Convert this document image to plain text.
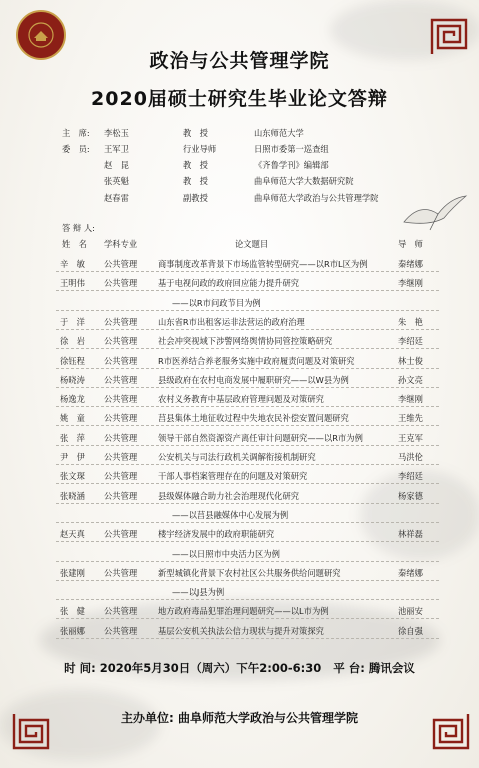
政治与公共管理学院
2020届硕士研究生毕业论文答辩
主　席: 李松玉	教　授	山东师范大学
委　员: 王军卫	行业导师	日照市委第一巡查组
赵　昆	教　授	《齐鲁学刊》编辑部
张英魁	教　授	曲阜师范大学大数据研究院
赵春雷	副教授	曲阜师范大学政治与公共管理学院
答 辩 人:
姓　名 学科专业	论文题目	导　师
辛　敏 公共管理	商事制度改革背景下市场监管转型研究——以R市L区为例	秦绪娜
王明伟 公共管理	基于电视问政的政府回应能力提升研究	李继刚
——以R市问政节目为例
于　洋 公共管理	山东省R市出租客运非法营运的政府治理	朱　艳
徐　岩 公共管理	社会冲突视域下涉警网络舆情协同管控策略研究	李绍廷
徐钰程 公共管理	R市医养结合养老服务实施中政府履责问题及对策研究	林士俊
杨晓涛 公共管理	县级政府在农村电商发展中履职研究——以W县为例	孙文亮
杨逸龙 公共管理	农村义务教育中基层政府管理问题及对策研究	李继刚
姚　童 公共管理	莒县集体土地征收过程中失地农民补偿安置问题研究	王维先
张　萍 公共管理	领导干部自然资源资产离任审计问题研究——以R市为例	王克军
尹　伊 公共管理	公安机关与司法行政机关调解衔接机制研究	马洪伦
张文琛 公共管理	干部人事档案管理存在的问题及对策研究	李绍廷
张晓涵 公共管理	县级媒体融合助力社会治理现代化研究	杨家德
——以莒县融媒体中心发展为例
赵天真 公共管理	楼宇经济发展中的政府职能研究	林祥磊
——以日照市中央活力区为例
张建刚 公共管理	新型城镇化背景下农村社区公共服务供给问题研究	秦绪娜
——以J县为例
张　健 公共管理	地方政府毒品犯罪治理问题研究——以L市为例	池丽安
张丽娜 公共管理	基层公安机关执法公信力现状与提升对策探究	徐自强
时 间: 2020年5月30日（周六）下午2:00-6:30 平 台: 腾讯会议
主办单位: 曲阜师范大学政治与公共管理学院
